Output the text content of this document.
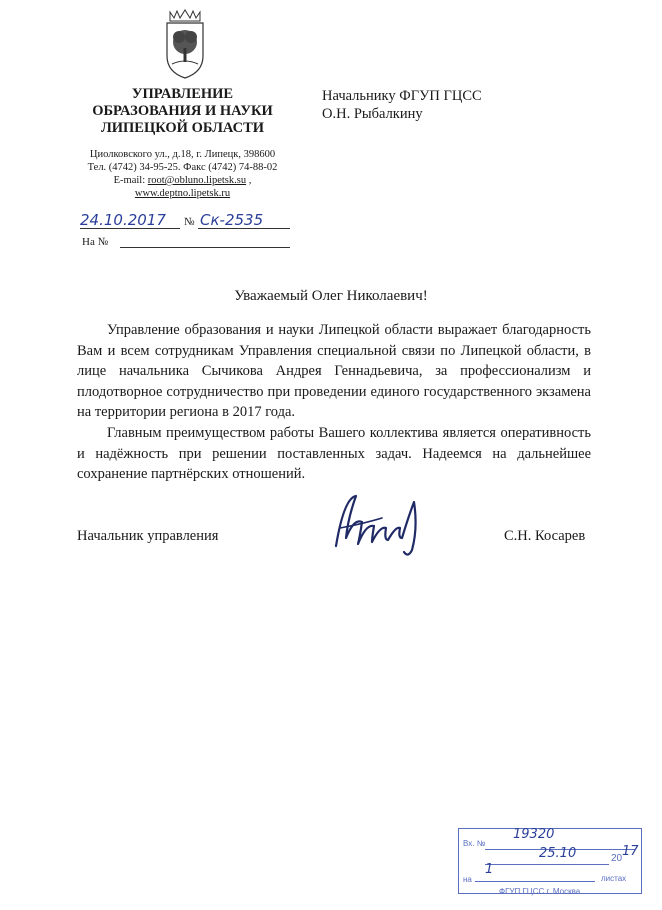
УПРАВЛЕНИЕ
ОБРАЗОВАНИЯ И НАУКИ
ЛИПЕЦКОЙ ОБЛАСТИ
Циолковского ул., д.18, г. Липецк, 398600
Тел. (4742) 34-95-25. Факс (4742) 74-88-02
E-mail: root@obluno.lipetsk.su ,
www.deptno.lipetsk.ru
Начальнику ФГУП ГЦСС
О.Н. Рыбалкину
24.10.2017 № Ск-2535
На №
Уважаемый Олег Николаевич!

Управление образования и науки Липецкой области выражает благодарность Вам и всем сотрудникам Управления специальной связи по Липецкой области, в лице начальника Сычикова Андрея Геннадьевича, за профессионализм и плодотворное сотрудничество при проведении единого государственного экзамена на территории региона в 2017 года.

Главным преимуществом работы Вашего коллектива является оперативность и надёжность при решении поставленных задач. Надеемся на дальнейшее сохранение партнёрских отношений.

Начальник управления	С.Н. Косарев
Вх. №
19320
25.10	20 17
на
1
листах
ФГУП ГЦСС г. Москва
